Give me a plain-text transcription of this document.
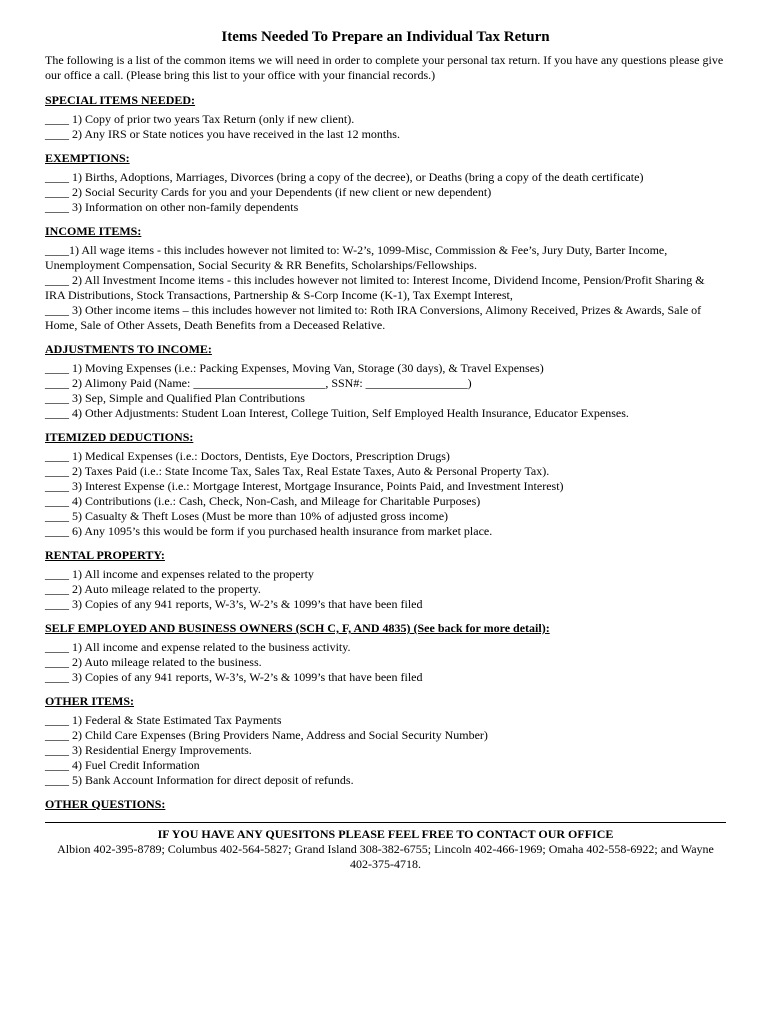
Items Needed To Prepare an Individual Tax Return
The following is a list of the common items we will need in order to complete your personal tax return. If you have any questions please give our office a call. (Please bring this list to your office with your financial records.)
SPECIAL ITEMS NEEDED:
____ 1) Copy of prior two years Tax Return (only if new client).
____ 2) Any IRS or State notices you have received in the last 12 months.
EXEMPTIONS:
____ 1) Births, Adoptions, Marriages, Divorces (bring a copy of the decree), or Deaths (bring a copy of the death certificate)
____ 2) Social Security Cards for you and your Dependents (if new client or new dependent)
____ 3) Information on other non-family dependents
INCOME ITEMS:
____1) All wage items - this includes however not limited to: W-2’s, 1099-Misc, Commission & Fee’s, Jury Duty, Barter Income, Unemployment Compensation, Social Security & RR Benefits, Scholarships/Fellowships.
____ 2) All Investment Income items - this includes however not limited to: Interest Income, Dividend Income, Pension/Profit Sharing & IRA Distributions, Stock Transactions, Partnership & S-Corp Income (K-1), Tax Exempt Interest,
____ 3) Other income items – this includes however not limited to: Roth IRA Conversions, Alimony Received, Prizes & Awards, Sale of Home, Sale of Other Assets, Death Benefits from a Deceased Relative.
ADJUSTMENTS TO INCOME:
____ 1) Moving Expenses (i.e.: Packing Expenses, Moving Van, Storage (30 days), & Travel Expenses)
____ 2) Alimony Paid (Name: ______________________, SSN#: _________________)
____ 3) Sep, Simple and Qualified Plan Contributions
____ 4) Other Adjustments: Student Loan Interest, College Tuition, Self Employed Health Insurance, Educator Expenses.
ITEMIZED DEDUCTIONS:
____ 1) Medical Expenses (i.e.: Doctors, Dentists, Eye Doctors, Prescription Drugs)
____ 2) Taxes Paid (i.e.: State Income Tax, Sales Tax, Real Estate Taxes, Auto & Personal Property Tax).
____ 3) Interest Expense (i.e.: Mortgage Interest, Mortgage Insurance, Points Paid, and Investment Interest)
____ 4) Contributions (i.e.: Cash, Check, Non-Cash, and Mileage for Charitable Purposes)
____ 5) Casualty & Theft Loses (Must be more than 10% of adjusted gross income)
____ 6) Any 1095’s this would be form if you purchased health insurance from market place.
RENTAL PROPERTY:
____ 1) All income and expenses related to the property
____ 2) Auto mileage related to the property.
____ 3) Copies of any 941 reports, W-3’s, W-2’s & 1099’s that have been filed
SELF EMPLOYED AND BUSINESS OWNERS (SCH C, F, AND 4835) (See back for more detail):
____ 1) All income and expense related to the business activity.
____ 2) Auto mileage related to the business.
____ 3) Copies of any 941 reports, W-3’s, W-2’s & 1099’s that have been filed
OTHER ITEMS:
____ 1) Federal & State Estimated Tax Payments
____ 2) Child Care Expenses (Bring Providers Name, Address and Social Security Number)
____ 3) Residential Energy Improvements.
____ 4) Fuel Credit Information
____ 5) Bank Account Information for direct deposit of refunds.
OTHER QUESTIONS:
IF YOU HAVE ANY QUESITONS PLEASE FEEL FREE TO CONTACT OUR OFFICE
Albion 402-395-8789; Columbus 402-564-5827; Grand Island 308-382-6755; Lincoln 402-466-1969; Omaha 402-558-6922; and Wayne 402-375-4718.
